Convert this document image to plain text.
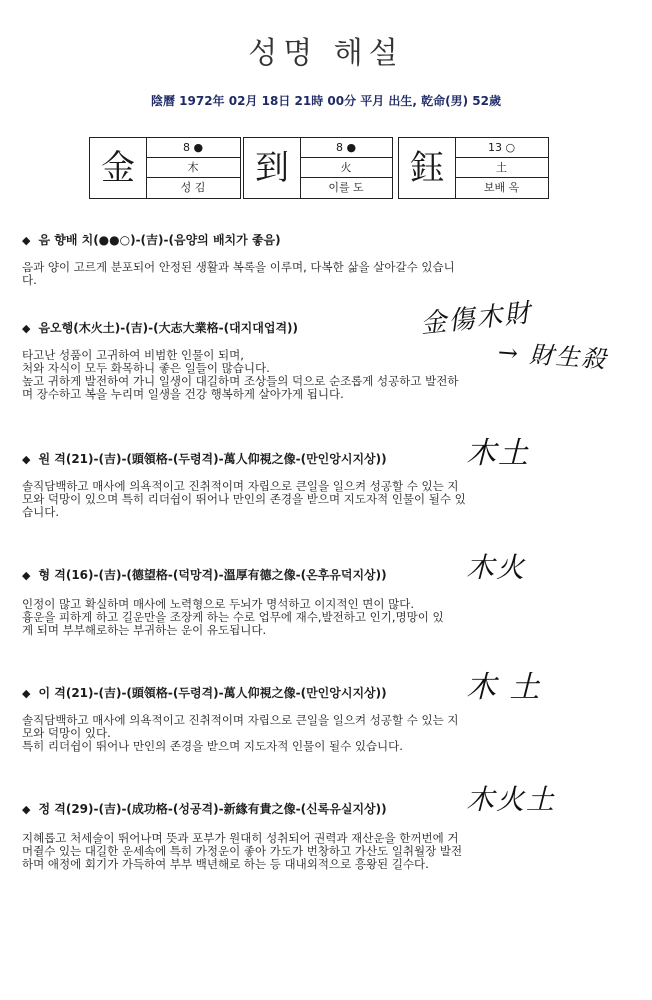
성명 해설
陰曆 1972年 02月 18日 21時 00分 平月 出生, 乾命(男) 52歲
金
8 ●
木
성 김	到
8 ●
火
이를 도	鈺
13 ○
土
보배 옥
◆ 음 향배 치(●●○)-(吉)-(음양의 배치가 좋음)
음과 양이 고르게 분포되어 안정된 생활과 복록을 이루며, 다복한 삶을 살아갈수 있습니
다.
◆ 음오행(木火土)-(吉)-(大志大業格-(대지대업격))
타고난 성품이 고귀하여 비범한 인물이 되며,
처와 자식이 모두 화목하니 좋은 일들이 많습니다.
높고 귀하게 발전하여 가니 일생이 대길하며 조상들의 덕으로 순조롭게 성공하고 발전하
며 장수하고 복을 누리며 일생을 건강 행복하게 살아가게 됩니다.
◆ 원 격(21)-(吉)-(頭領格-(두령격)-萬人仰視之像-(만인앙시지상))
솔직담백하고 매사에 의욕적이고 진취적이며 자립으로 큰일을 일으켜 성공할 수 있는 지
모와 덕망이 있으며 특히 리더쉽이 뛰어나 만인의 존경을 받으며 지도자적 인물이 될수 있
습니다.
◆ 형 격(16)-(吉)-(德望格-(덕망격)-溫厚有德之像-(온후유덕지상))
인정이 많고 확실하며 매사에 노력형으로 두뇌가 명석하고 이지적인 면이 많다.
흉운을 피하게 하고 길운만을 조장케 하는 수로 업무에 재수,발전하고 인기,명망이 있
게 되며 부부해로하는 부귀하는 운이 유도됩니다.
◆ 이 격(21)-(吉)-(頭領格-(두령격)-萬人仰視之像-(만인앙시지상))
솔직담백하고 매사에 의욕적이고 진취적이며 자립으로 큰일을 일으켜 성공할 수 있는 지
모와 덕망이 있다.
특히 리더쉽이 뛰어나 만인의 존경을 받으며 지도자적 인물이 될수 있습니다.
◆ 정 격(29)-(吉)-(成功格-(성공격)-新緣有貴之像-(신록유실지상))
지혜롭고 처세술이 뛰어나며 뜻과 포부가 원대히 성취되어 권력과 재산운을 한꺼번에 거
머쥘수 있는 대길한 운세속에 특히 가정운이 좋아 가도가 번창하고 가산도 일취월장 발전
하며 애정에 회기가 가득하여 부부 백년해로 하는 등 대내외적으로 흥왕된 길수다.
金傷木財
→ 財生殺
木土
木火
木 土
木火土
